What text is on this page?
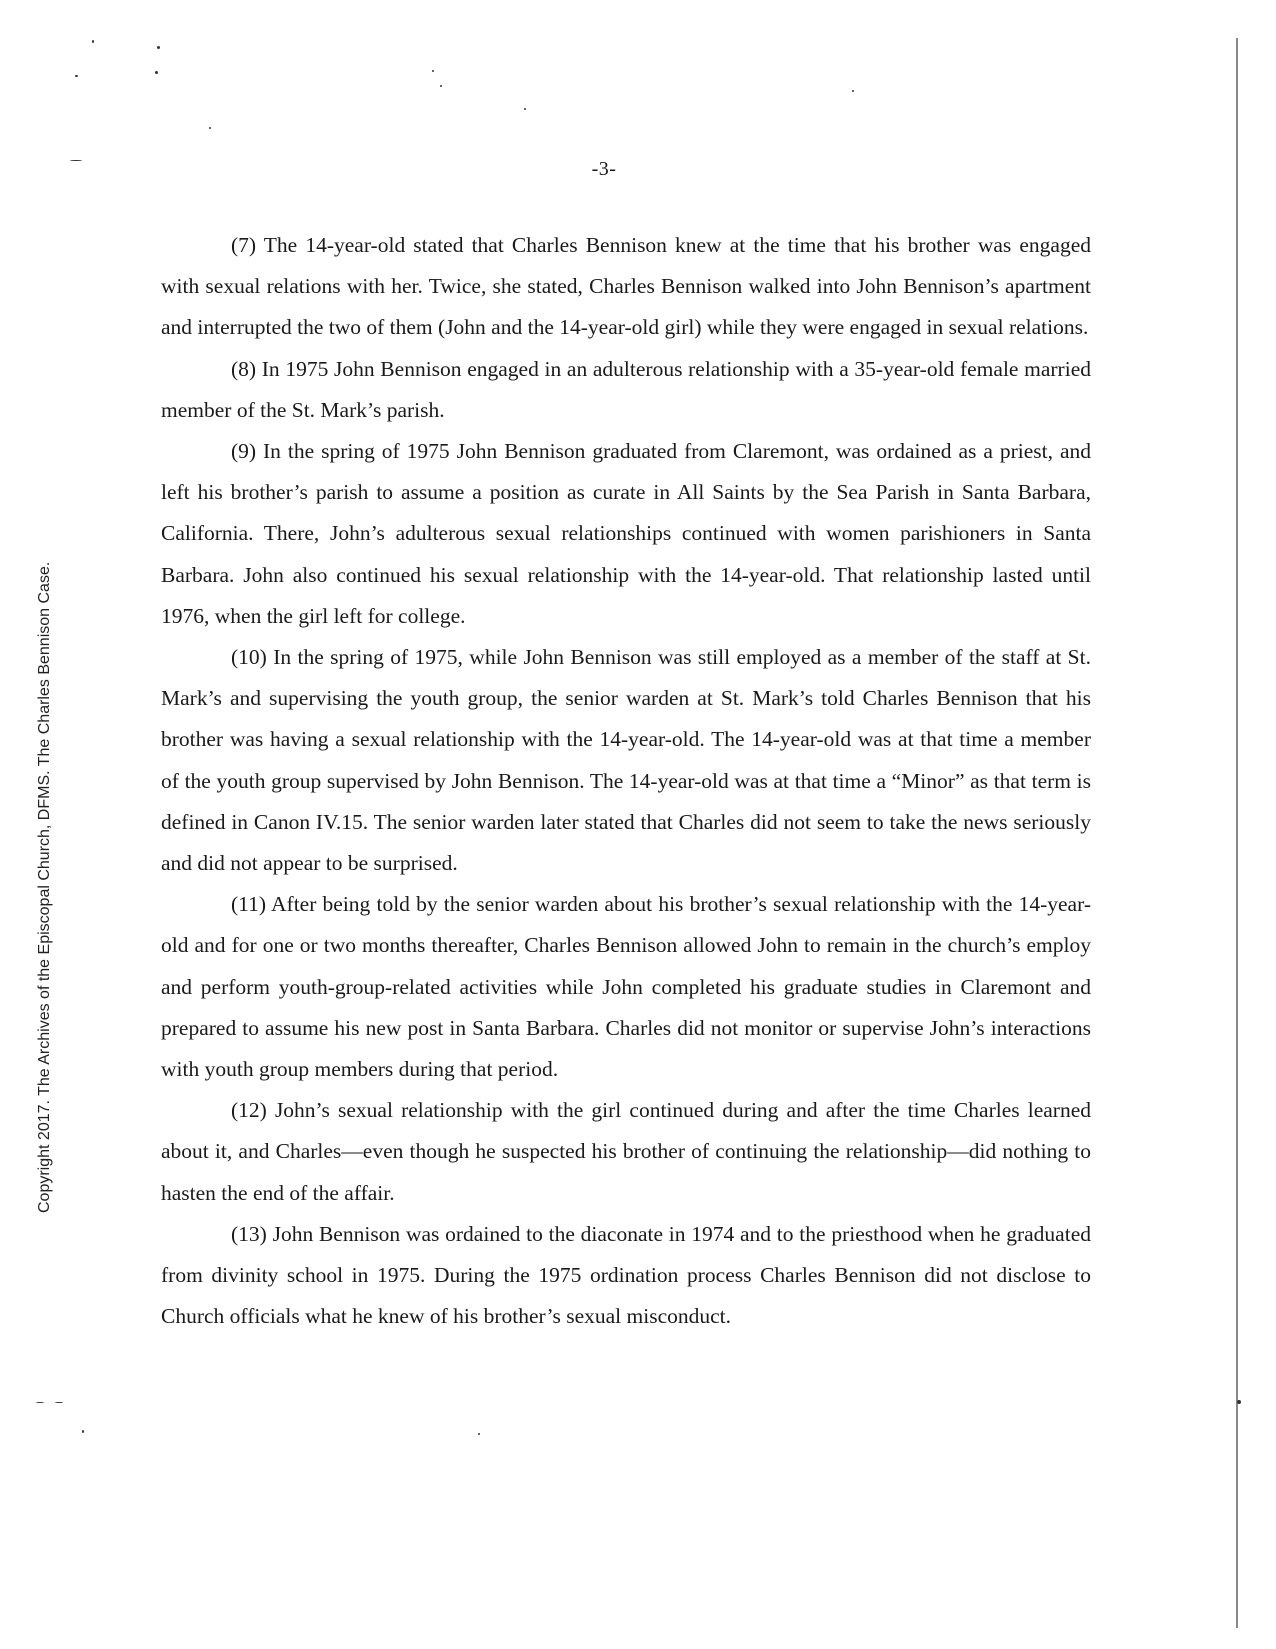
Copyright 2017. The Archives of the Episcopal Church, DFMS. The Charles Bennison Case.
-3-

(7) The 14-year-old stated that Charles Bennison knew at the time that his brother was engaged with sexual relations with her. Twice, she stated, Charles Bennison walked into John Bennison’s apartment and interrupted the two of them (John and the 14-year-old girl) while they were engaged in sexual relations.

(8) In 1975 John Bennison engaged in an adulterous relationship with a 35-year-old female married member of the St. Mark’s parish.

(9) In the spring of 1975 John Bennison graduated from Claremont, was ordained as a priest, and left his brother’s parish to assume a position as curate in All Saints by the Sea Parish in Santa Barbara, California. There, John’s adulterous sexual relationships continued with women parishioners in Santa Barbara. John also continued his sexual relationship with the 14-year-old. That relationship lasted until 1976, when the girl left for college.

(10) In the spring of 1975, while John Bennison was still employed as a member of the staff at St. Mark’s and supervising the youth group, the senior warden at St. Mark’s told Charles Bennison that his brother was having a sexual relationship with the 14-year-old. The 14-year-old was at that time a member of the youth group supervised by John Bennison. The 14-year-old was at that time a “Minor” as that term is defined in Canon IV.15. The senior warden later stated that Charles did not seem to take the news seriously and did not appear to be surprised.

(11) After being told by the senior warden about his brother’s sexual relationship with the 14-year-old and for one or two months thereafter, Charles Bennison allowed John to remain in the church’s employ and perform youth-group-related activities while John completed his graduate studies in Claremont and prepared to assume his new post in Santa Barbara. Charles did not monitor or supervise John’s interactions with youth group members during that period.

(12) John’s sexual relationship with the girl continued during and after the time Charles learned about it, and Charles—even though he suspected his brother of continuing the relationship—did nothing to hasten the end of the affair.

(13) John Bennison was ordained to the diaconate in 1974 and to the priesthood when he graduated from divinity school in 1975. During the 1975 ordination process Charles Bennison did not disclose to Church officials what he knew of his brother’s sexual misconduct.
